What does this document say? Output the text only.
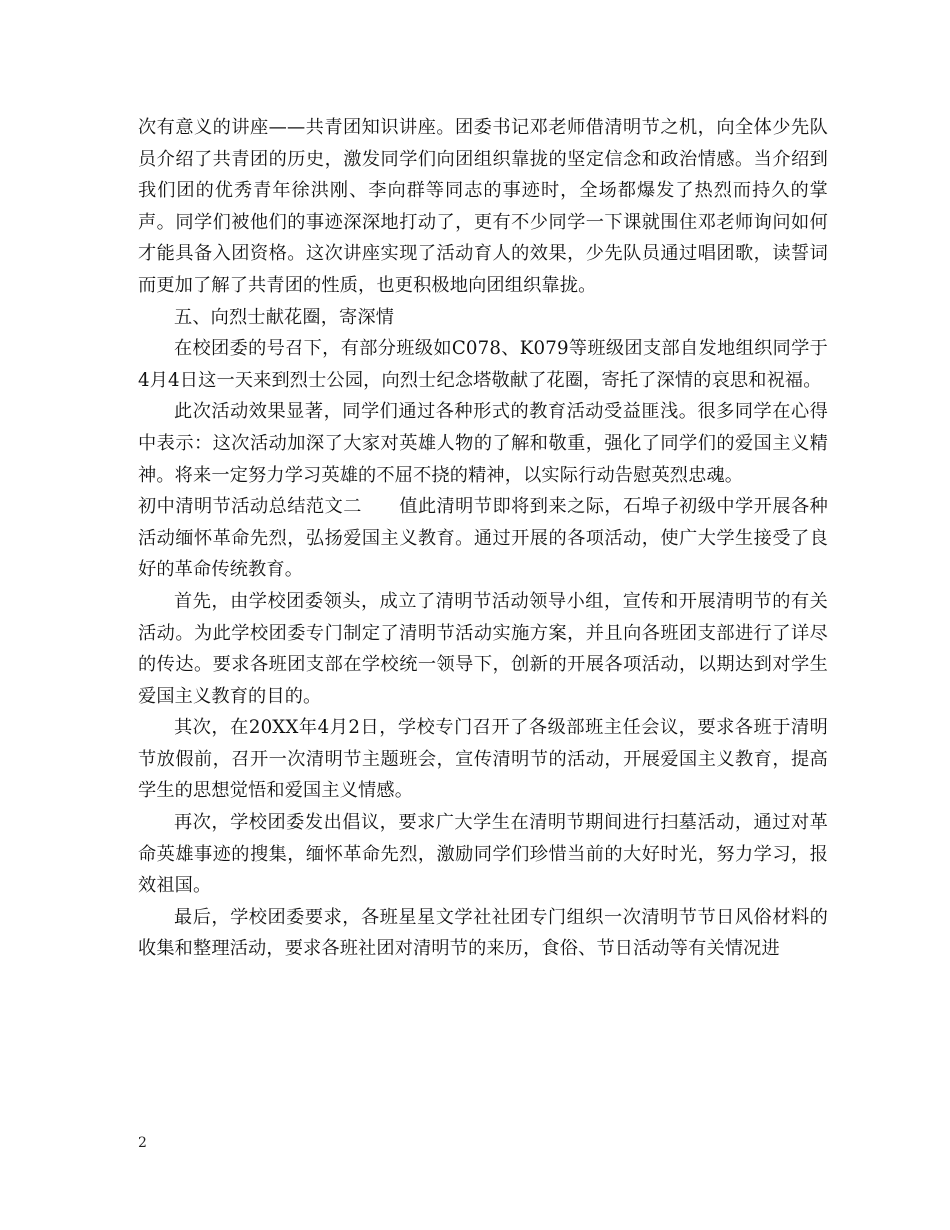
次有意义的讲座——共青团知识讲座。团委书记邓老师借清明节之机，向全体少先队员介绍了共青团的历史，激发同学们向团组织靠拢的坚定信念和政治情感。当介绍到我们团的优秀青年徐洪刚、李向群等同志的事迹时，全场都爆发了热烈而持久的掌声。同学们被他们的事迹深深地打动了，更有不少同学一下课就围住邓老师询问如何才能具备入团资格。这次讲座实现了活动育人的效果，少先队员通过唱团歌，读誓词而更加了解了共青团的性质，也更积极地向团组织靠拢。

五、向烈士献花圈，寄深情

在校团委的号召下，有部分班级如C078、K079等班级团支部自发地组织同学于4月4日这一天来到烈士公园，向烈士纪念塔敬献了花圈，寄托了深情的哀思和祝福。

此次活动效果显著，同学们通过各种形式的教育活动受益匪浅。很多同学在心得中表示：这次活动加深了大家对英雄人物的了解和敬重，强化了同学们的爱国主义精神。将来一定努力学习英雄的不屈不挠的精神，以实际行动告慰英烈忠魂。

初中清明节活动总结范文二　　值此清明节即将到来之际，石埠子初级中学开展各种活动缅怀革命先烈，弘扬爱国主义教育。通过开展的各项活动，使广大学生接受了良好的革命传统教育。

首先，由学校团委领头，成立了清明节活动领导小组，宣传和开展清明节的有关活动。为此学校团委专门制定了清明节活动实施方案，并且向各班团支部进行了详尽的传达。要求各班团支部在学校统一领导下，创新的开展各项活动，以期达到对学生爱国主义教育的目的。

其次，在20XX年4月2日，学校专门召开了各级部班主任会议，要求各班于清明节放假前，召开一次清明节主题班会，宣传清明节的活动，开展爱国主义教育，提高学生的思想觉悟和爱国主义情感。

再次，学校团委发出倡议，要求广大学生在清明节期间进行扫墓活动，通过对革命英雄事迹的搜集，缅怀革命先烈，激励同学们珍惜当前的大好时光，努力学习，报效祖国。

最后，学校团委要求，各班星星文学社社团专门组织一次清明节节日风俗材料的收集和整理活动，要求各班社团对清明节的来历，食俗、节日活动等有关情况进

2
